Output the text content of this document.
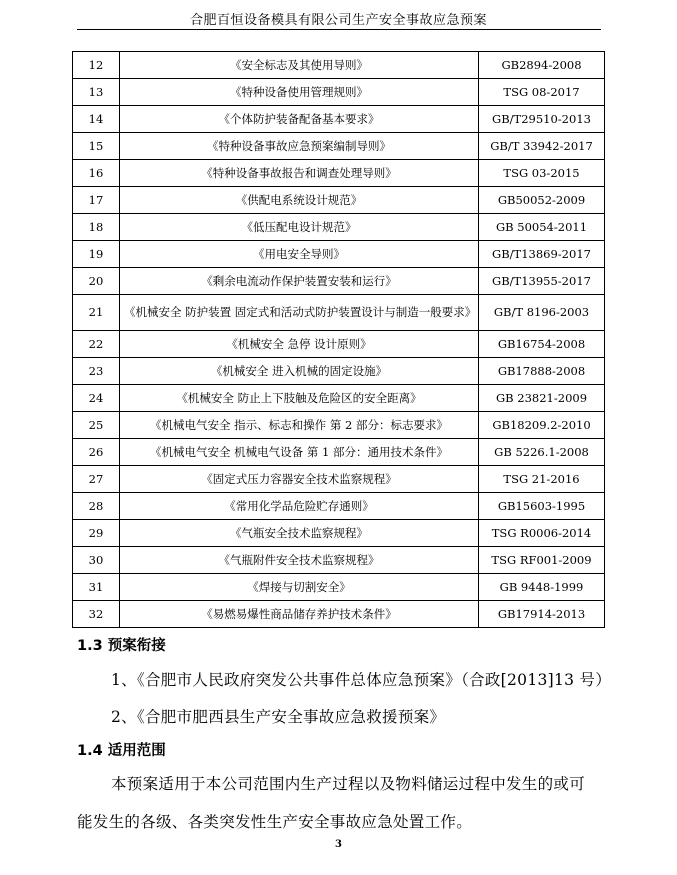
合肥百恒设备模具有限公司生产安全事故应急预案
12	《安全标志及其使用导则》	GB2894-2008
13	《特种设备使用管理规则》	TSG 08-2017
14	《个体防护装备配备基本要求》	GB/T29510-2013
15	《特种设备事故应急预案编制导则》	GB/T 33942-2017
16	《特种设备事故报告和调查处理导则》	TSG 03-2015
17	《供配电系统设计规范》	GB50052-2009
18	《低压配电设计规范》	GB 50054-2011
19	《用电安全导则》	GB/T13869-2017
20	《剩余电流动作保护装置安装和运行》	GB/T13955-2017
21	《机械安全 防护装置 固定式和活动式防护装置设计与制造一般要求》	GB/T 8196-2003
22	《机械安全 急停 设计原则》	GB16754-2008
23	《机械安全 进入机械的固定设施》	GB17888-2008
24	《机械安全 防止上下肢触及危险区的安全距离》	GB 23821-2009
25	《机械电气安全 指示、标志和操作 第 2 部分：标志要求》	GB18209.2-2010
26	《机械电气安全 机械电气设备 第 1 部分：通用技术条件》	GB 5226.1-2008
27	《固定式压力容器安全技术监察规程》	TSG 21-2016
28	《常用化学品危险贮存通则》	GB15603-1995
29	《气瓶安全技术监察规程》	TSG R0006-2014
30	《气瓶附件安全技术监察规程》	TSG RF001-2009
31	《焊接与切割安全》	GB 9448-1999
32	《易燃易爆性商品储存养护技术条件》	GB17914-2013
1.3 预案衔接
1、《合肥市人民政府突发公共事件总体应急预案》（合政[2013]13 号）
2、《合肥市肥西县生产安全事故应急救援预案》
1.4 适用范围
本预案适用于本公司范围内生产过程以及物料储运过程中发生的或可
能发生的各级、各类突发性生产安全事故应急处置工作。
3
